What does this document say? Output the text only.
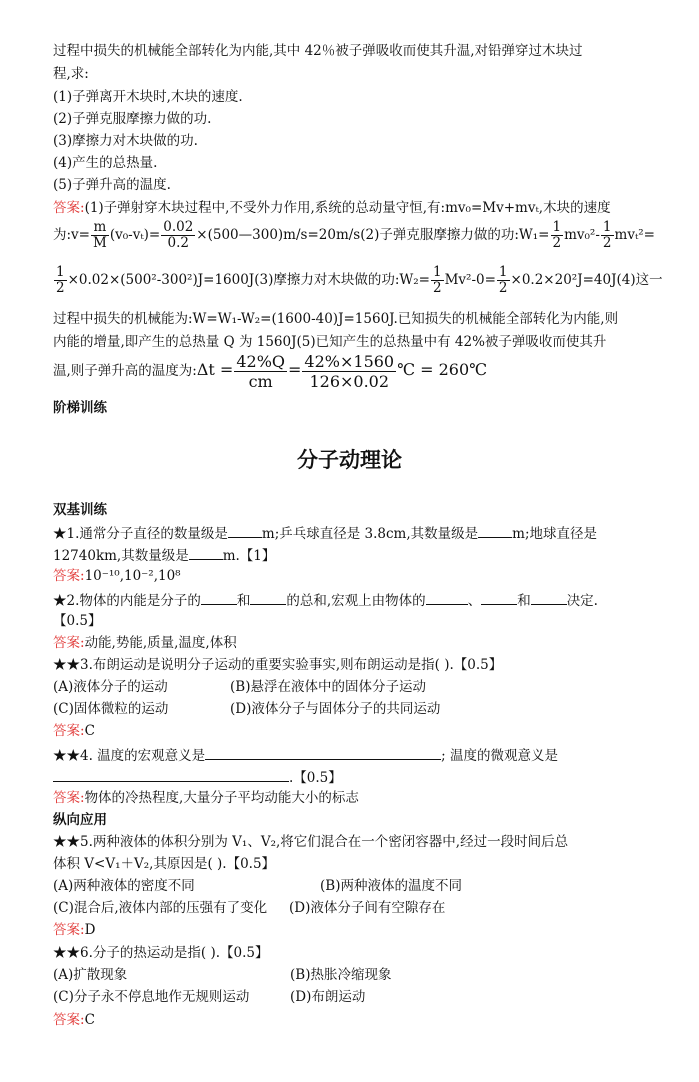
过程中损失的机械能全部转化为内能,其中 42％被子弹吸收而使其升温,对铅弹穿过木块过
程,求:
(1)子弹离开木块时,木块的速度.
(2)子弹克服摩擦力做的功.
(3)摩擦力对木块做的功.
(4)产生的总热量.
(5)子弹升高的温度.
答案:(1)子弹射穿木块过程中,不受外力作用,系统的总动量守恒,有:mv₀=Mv+mvₜ,木块的速度
为:v= $\frac{m}{M} (v_0-v_t)= \frac{0.02}{0.2}$ ×(500—300)m/s=20m/s(2)子弹克服摩擦力做的功:W₁= $\frac{1}{2} mv_0^2- \frac{1}{2} mv_t^2=$
$\frac{1}{2} \times 0.02\times(500^2-300^2)J=1600J(3)$摩擦力对木块做的功:W₂= $\frac{1}{2} Mv^2-0= \frac{1}{2} \times 0.2\times 20^2J=40J(4)$这一
过程中损失的机械能为:W=W₁-W₂=(1600-40)J=1560J.已知损失的机械能全部转化为内能,则
内能的增量,即产生的总热量 Q 为 1560J(5)已知产生的总热量中有 42%被子弹吸收而使其升
温,则子弹升高的温度为:Δt = $\frac{42\%Q}{cm} = \frac{42\%\times 1560}{126\times 0.02}$ ℃ = 260℃
阶梯训练
分子动理论
双基训练
★1.通常分子直径的数量级是	m;乒乓球直径是 3.8cm,其数量级是	m;地球直径是
12740km,其数量级是	m.【1】
答案:10⁻¹⁰,10⁻²,10⁸
★2.物体的内能是分子的	和	的总和,宏观上由物体的	、	和	决定.
【0.5】
答案:动能,势能,质量,温度,体积
★★3.布朗运动是说明分子运动的重要实验事实,则布朗运动是指( ).【0.5】
(A)液体分子的运动	(B)悬浮在液体中的固体分子运动
(C)固体微粒的运动	(D)液体分子与固体分子的共同运动
答案:C
★★4. 温度的宏观意义是	; 温度的微观意义是
.【0.5】
答案:物体的冷热程度,大量分子平均动能大小的标志
纵向应用
★★5.两种液体的体积分别为 V₁、V₂,将它们混合在一个密闭容器中,经过一段时间后总
体积 V<V₁＋V₂,其原因是( ).【0.5】
(A)两种液体的密度不同	(B)两种液体的温度不同
(C)混合后,液体内部的压强有了变化 (D)液体分子间有空隙存在
答案:D
★★6.分子的热运动是指( ).【0.5】
(A)扩散现象	(B)热胀冷缩现象
(C)分子永不停息地作无规则运动	(D)布朗运动
答案:C
